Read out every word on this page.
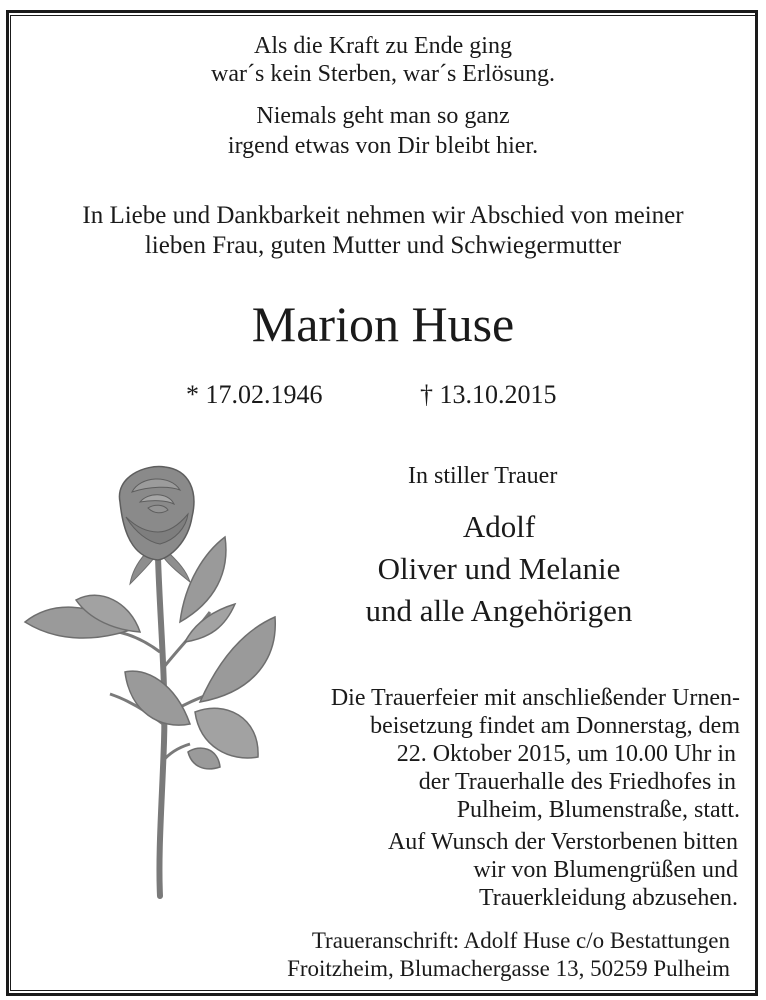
Als die Kraft zu Ende ging
war´s kein Sterben, war´s Erlösung.
Niemals geht man so ganz
irgend etwas von Dir bleibt hier.
In Liebe und Dankbarkeit nehmen wir Abschied von meiner
lieben Frau, guten Mutter und Schwiegermutter
Marion Huse
* 17.02.1946	† 13.10.2015
In stiller Trauer
Adolf
Oliver und Melanie
und alle Angehörigen
Die Trauerfeier mit anschließender Urnen-
beisetzung findet am Donnerstag, dem
22. Oktober 2015, um 10.00 Uhr in
der Trauerhalle des Friedhofes in
Pulheim, Blumenstraße, statt.
Auf Wunsch der Verstorbenen bitten
wir von Blumengrüßen und
Trauerkleidung abzusehen.
Traueranschrift: Adolf Huse c/o Bestattungen
Froitzheim, Blumachergasse 13, 50259 Pulheim
